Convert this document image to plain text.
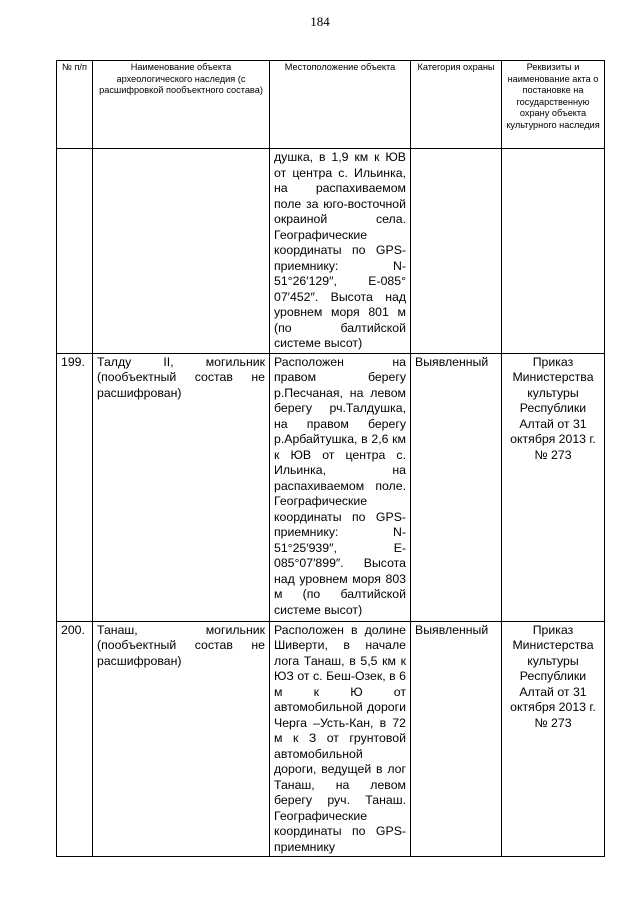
184
№ п/п	Наименование объекта археологического наследия (с расшифровкой пообъектного состава)	Местоположение объекта	Категория охраны	Реквизиты и наименование акта о постановке на государственную охрану объекта культурного наследия
		душка, в 1,9 км к ЮВ от центра с. Ильинка, на распахиваемом поле за юго-восточной окраиной села. Географические координаты по GPS-приемнику: N-51°26′129″, E-085° 07′452″. Высота над уровнем моря 801 м (по балтийской системе высот)		
199.	Талду II, могильник (пообъектный состав не расшифрован)	Расположен на правом берегу р.Песчаная, на левом берегу рч.Талдушка, на правом берегу р.Арбайтушка, в 2,6 км к ЮВ от центра с. Ильинка, на распахиваемом поле. Географические координаты по GPS-приемнику: N-51°25′939″, E-085°07′899″. Высота над уровнем моря 803 м (по балтийской системе высот)	Выявленный	Приказ Министерства культуры Республики Алтай от 31 октября 2013 г. № 273
200.	Танаш, могильник (пообъектный состав не расшифрован)	Расположен в долине Шиверти, в начале лога Танаш, в 5,5 км к ЮЗ от с. Беш-Озек, в 6 м к Ю от автомобильной дороги Черга –Усть-Кан, в 72 м к З от грунтовой автомобильной дороги, ведущей в лог Танаш, на левом берегу руч. Танаш. Географические координаты по GPS-приемнику	Выявленный	Приказ Министерства культуры Республики Алтай от 31 октября 2013 г. № 273
